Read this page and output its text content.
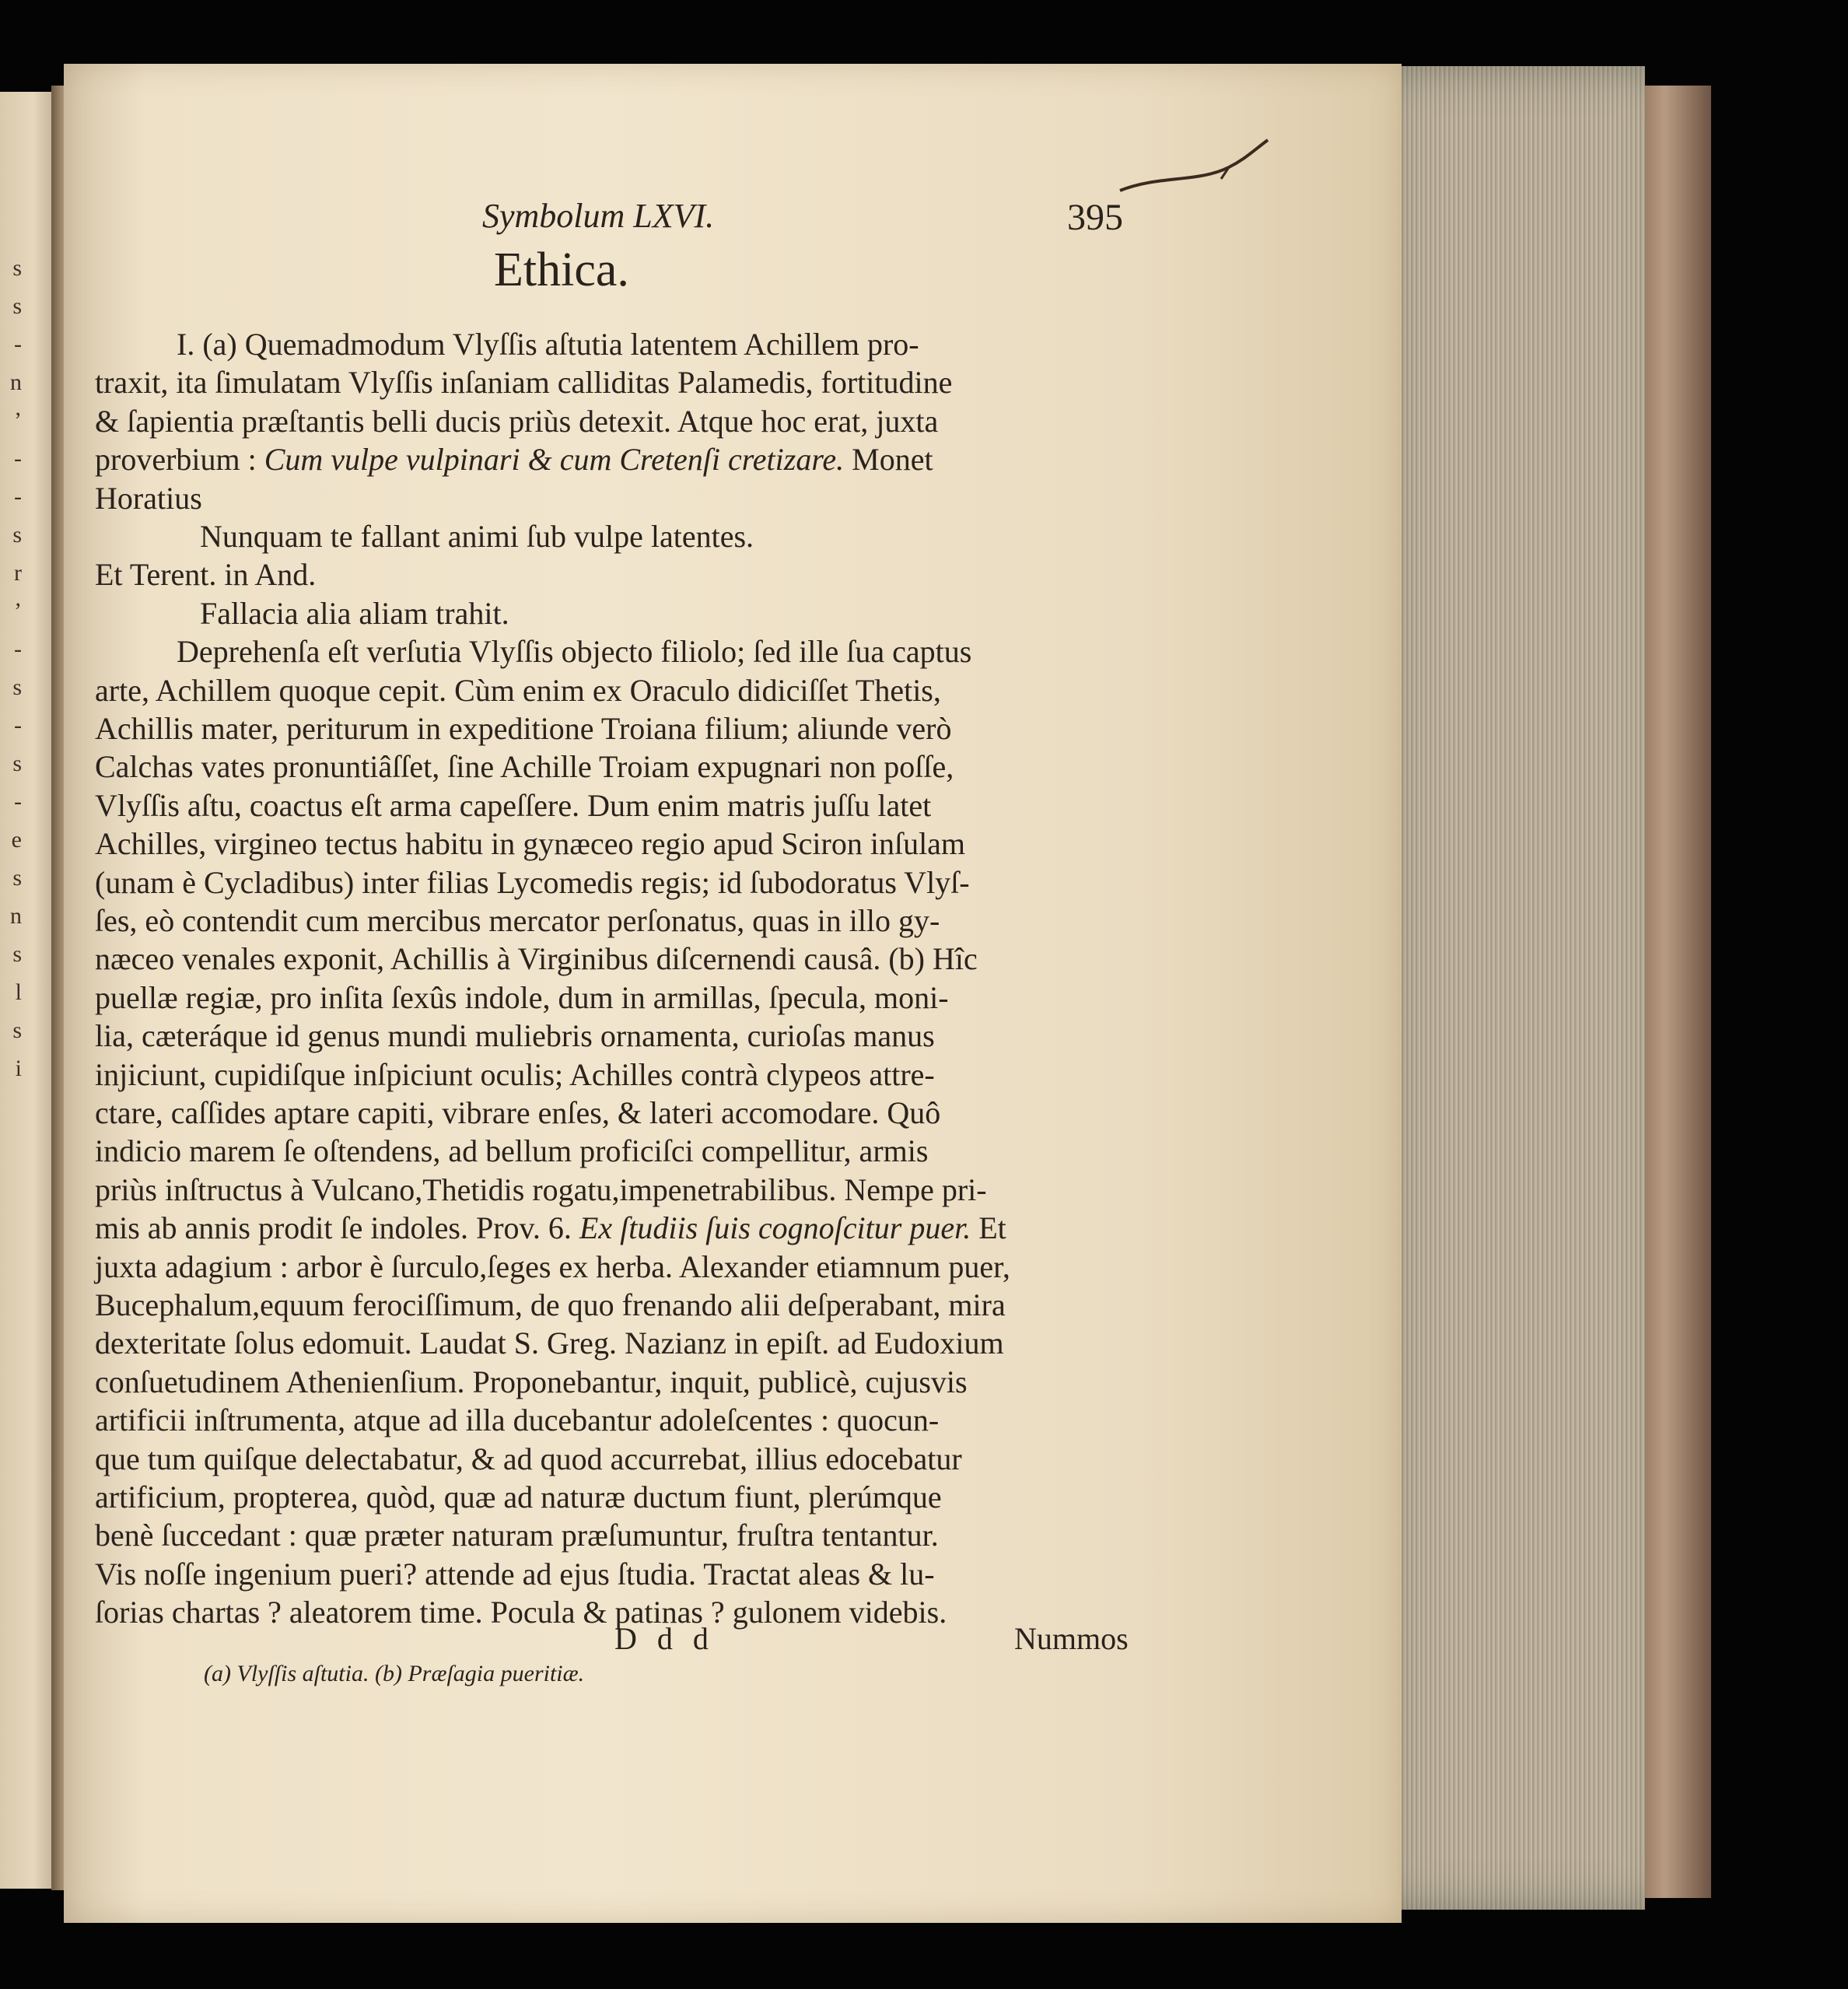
s
s
-
n
’
-
-
s
r
’
-
s
-
s
-
e
s
n
s
l
s
i
Symbolum LXVI.	395
Ethica.
I. (a) Quemadmodum Vlyſſis aſtutia latentem Achillem pro-
traxit, ita ſimulatam Vlyſſis inſaniam calliditas Palamedis, fortitudine
& ſapientia præſtantis belli ducis priùs detexit. Atque hoc erat, juxta
proverbium : Cum vulpe vulpinari & cum Cretenſi cretizare. Monet
Horatius
Nunquam te fallant animi ſub vulpe latentes.
Et Terent. in And.
Fallacia alia aliam trahit.
Deprehenſa eſt verſutia Vlyſſis objecto filiolo; ſed ille ſua captus
arte, Achillem quoque cepit. Cùm enim ex Oraculo didiciſſet Thetis,
Achillis mater, periturum in expeditione Troiana filium; aliunde verò
Calchas vates pronuntiâſſet, ſine Achille Troiam expugnari non poſſe,
Vlyſſis aſtu, coactus eſt arma capeſſere. Dum enim matris juſſu latet
Achilles, virgineo tectus habitu in gynæceo regio apud Sciron inſulam
(unam è Cycladibus) inter filias Lycomedis regis; id ſubodoratus Vlyſ-
ſes, eò contendit cum mercibus mercator perſonatus, quas in illo gy-
næceo venales exponit, Achillis à Virginibus diſcernendi causâ. (b) Hîc
puellæ regiæ, pro inſita ſexûs indole, dum in armillas, ſpecula, moni-
lia, cæteráque id genus mundi muliebris ornamenta, curioſas manus
injiciunt, cupidiſque inſpiciunt oculis; Achilles contrà clypeos attre-
ctare, caſſides aptare capiti, vibrare enſes, & lateri accomodare. Quô
indicio marem ſe oſtendens, ad bellum proficiſci compellitur, armis
priùs inſtructus à Vulcano,Thetidis rogatu,impenetrabilibus. Nempe pri-
mis ab annis prodit ſe indoles. Prov. 6. Ex ſtudiis ſuis cognoſcitur puer. Et
juxta adagium : arbor è ſurculo,ſeges ex herba. Alexander etiamnum puer,
Bucephalum,equum ferociſſimum, de quo frenando alii deſperabant, mira
dexteritate ſolus edomuit. Laudat S. Greg. Nazianz in epiſt. ad Eudoxium
conſuetudinem Athenienſium. Proponebantur, inquit, publicè, cujusvis
artificii inſtrumenta, atque ad illa ducebantur adoleſcentes : quocun-
que tum quiſque delectabatur, & ad quod accurrebat, illius edocebatur
artificium, propterea, quòd, quæ ad naturæ ductum fiunt, plerúmque
benè ſuccedant : quæ præter naturam præſumuntur, fruſtra tentantur.
Vis noſſe ingenium pueri? attende ad ejus ſtudia. Tractat aleas & lu-
ſorias chartas ? aleatorem time. Pocula & patinas ? gulonem videbis.
D d d	Nummos
(a) Vlyſſis aſtutia. (b) Præſagia pueritiæ.
